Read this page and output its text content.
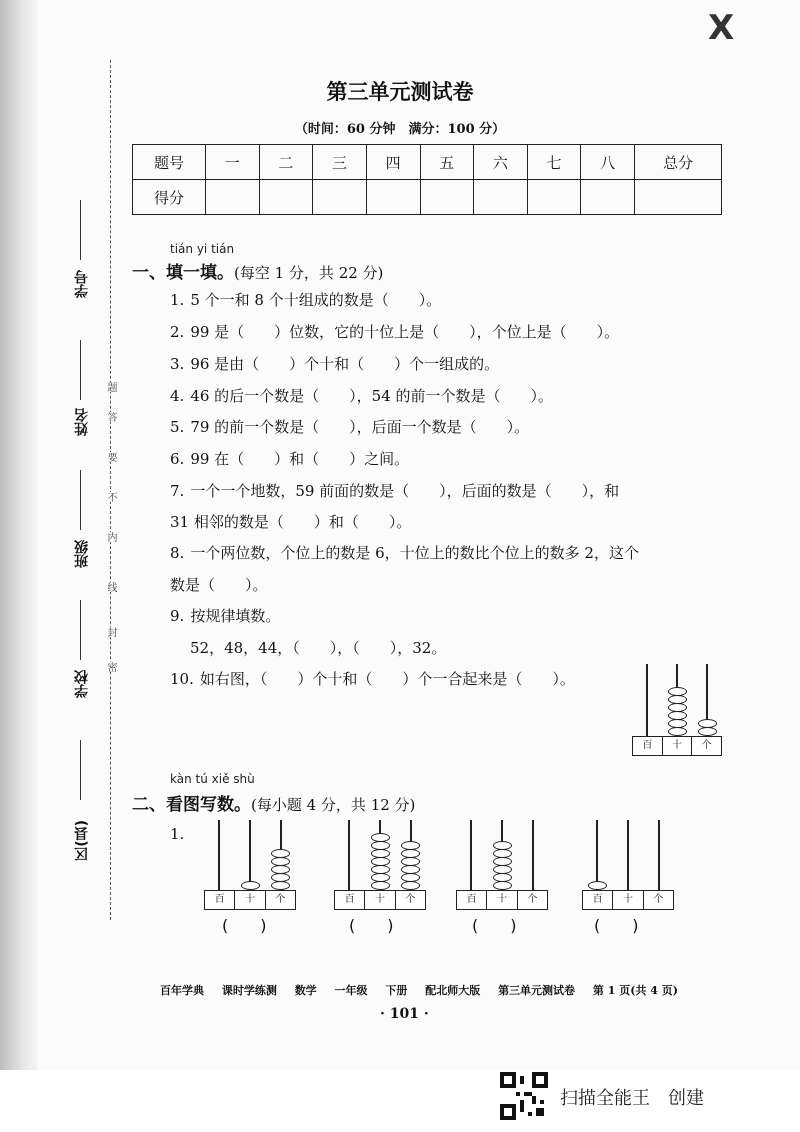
X
学号
姓名
班级
学校
区(县)
题
答
要
不
内
线
封
密
第三单元测试卷
（时间：60 分钟　满分：100 分）
题号	一	二	三	四	五	六	七	八	总分
得分									
tián yi tián
一、填一填。(每空 1 分，共 22 分)
1. 5 个一和 8 个十组成的数是（　　）。
2. 99 是（　　）位数，它的十位上是（　　），个位上是（　　）。
3. 96 是由（　　）个十和（　　）个一组成的。
4. 46 的后一个数是（　　），54 的前一个数是（　　）。
5. 79 的前一个数是（　　），后面一个数是（　　）。
6. 99 在（　　）和（　　）之间。
7. 一个一个地数，59 前面的数是（　　），后面的数是（　　），和
31 相邻的数是（　　）和（　　）。
8. 一个两位数，个位上的数是 6，十位上的数比个位上的数多 2，这个
数是（　　）。
9. 按规律填数。
52，48，44，（　　），（　　），32。
10. 如右图，（　　）个十和（　　）个一合起来是（　　）。
百	十	个
kàn tú xiě shù
二、看图写数。(每小题 4 分，共 12 分)
1.
百	十	个	百	十	个	百	十	个	百	十	个
(　　)	(　　)	(　　)	(　　)
百年学典 课时学练测 数学 一年级 下册 配北师大版 第三单元测试卷 第 1 页(共 4 页)
· 101 ·
扫描全能王　创建
